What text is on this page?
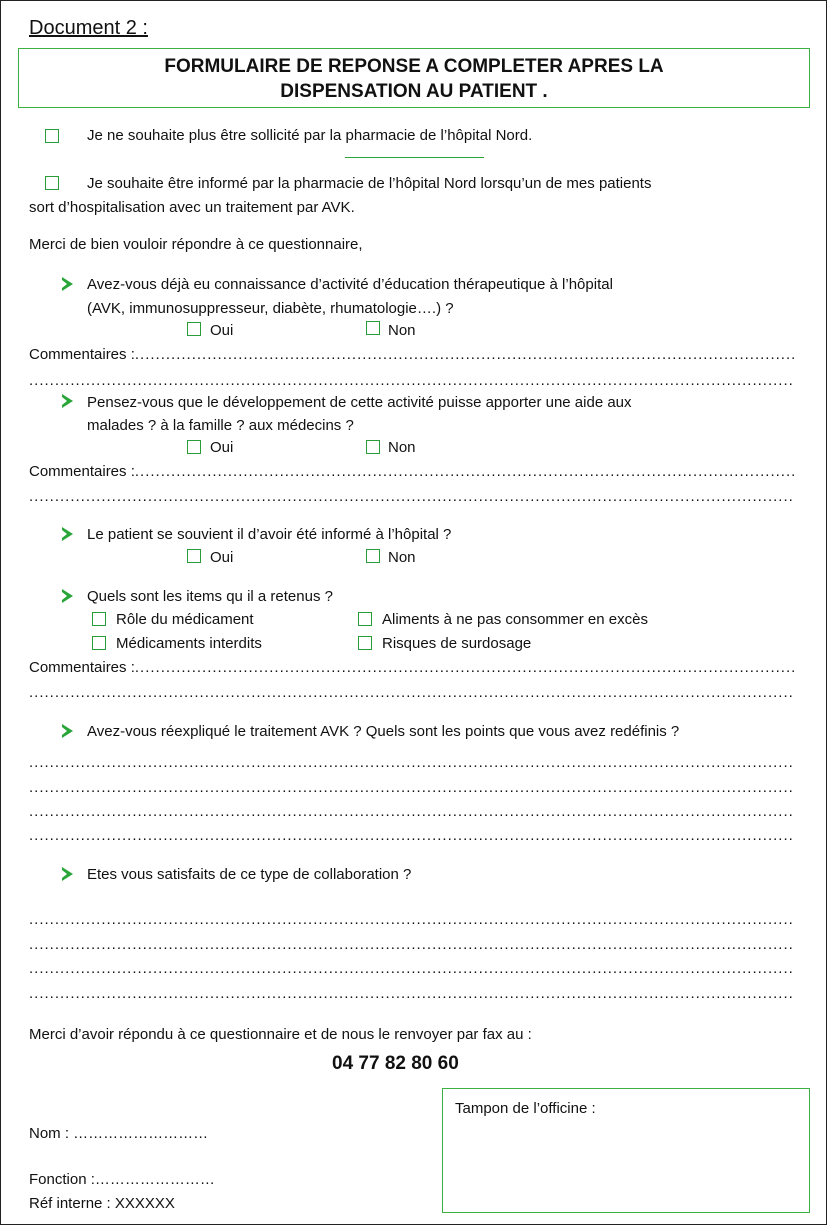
Document 2 :
FORMULAIRE DE REPONSE A COMPLETER APRES LA
DISPENSATION AU PATIENT .
Je ne souhaite plus être sollicité par la pharmacie de l’hôpital Nord.
Je souhaite être informé par la pharmacie de l’hôpital Nord lorsqu’un de mes patients
sort d’hospitalisation avec un traitement par AVK.
Merci de bien vouloir répondre à ce questionnaire,
Avez-vous déjà eu connaissance d’activité d’éducation thérapeutique à l’hôpital
(AVK, immunosuppresseur, diabète, rhumatologie….) ?
Oui	Non
Commentaires :
.....
.....
Pensez-vous que le développement de cette activité puisse apporter une aide aux
malades ? à la famille ? aux médecins ?
Oui	Non
Commentaires :
.....
.....
Le patient se souvient il d’avoir été informé à l’hôpital ?
Oui	Non
Quels sont les items qu il a retenus ?
Rôle du médicament	Aliments à ne pas consommer en excès
Médicaments interdits	Risques de surdosage
Commentaires :
.....
.....
Avez-vous réexpliqué le traitement AVK ? Quels sont les points que vous avez redéfinis ?
.....
.....
.....
.....
Etes vous satisfaits de ce type de collaboration ?
.....
.....
.....
.....
Merci d’avoir répondu à ce questionnaire et de nous le renvoyer par fax au :
04 77 82 80 60
Nom : ………………………
Fonction :……………………
Réf interne : XXXXXX
Tampon de l’officine :
